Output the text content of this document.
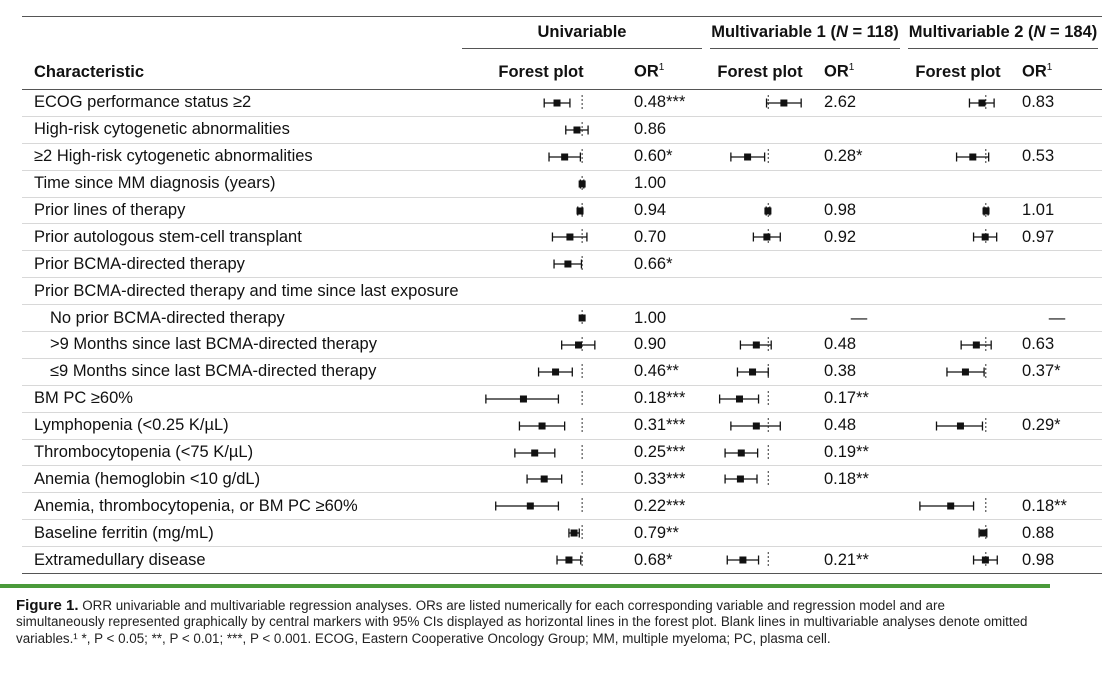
	Univariable		Multivariable 1 (N = 118)		Multivariable 2 (N = 184)	

Characteristic	Forest plot	$OR^1$	Forest plot	$OR^1$	Forest plot	$OR^1$
ECOG performance status ≥2		0.48***		2.62		0.83
High-risk cytogenetic abnormalities		0.86				
≥2 High-risk cytogenetic abnormalities		0.60*		0.28*		0.53
Time since MM diagnosis (years)		1.00				
Prior lines of therapy		0.94		0.98		1.01
Prior autologous stem-cell transplant		0.70		0.92		0.97
Prior BCMA-directed therapy		0.66*				
Prior BCMA-directed therapy and time since last exposure						
No prior BCMA-directed therapy		1.00		—		—
>9 Months since last BCMA-directed therapy		0.90		0.48		0.63
≤9 Months since last BCMA-directed therapy		0.46**		0.38		0.37*
BM PC ≥60%		0.18***		0.17**		
Lymphopenia (<0.25 K/µL)		0.31***		0.48		0.29*
Thrombocytopenia (<75 K/µL)		0.25***		0.19**		
Anemia (hemoglobin <10 g/dL)		0.33***		0.18**		
Anemia, thrombocytopenia, or BM PC ≥60%		0.22***				0.18**
Baseline ferritin (mg/mL)		0.79**				0.88
Extramedullary disease		0.68*		0.21**		0.98
Figure 1. ORR univariable and multivariable regression analyses. ORs are listed numerically for each corresponding variable and regression model and are simultaneously represented graphically by central markers with 95% CIs displayed as horizontal lines in the forest plot. Blank lines in multivariable analyses denote omitted variables.¹ *, P < 0.05; **, P < 0.01; ***, P < 0.001. ECOG, Eastern Cooperative Oncology Group; MM, multiple myeloma; PC, plasma cell.
